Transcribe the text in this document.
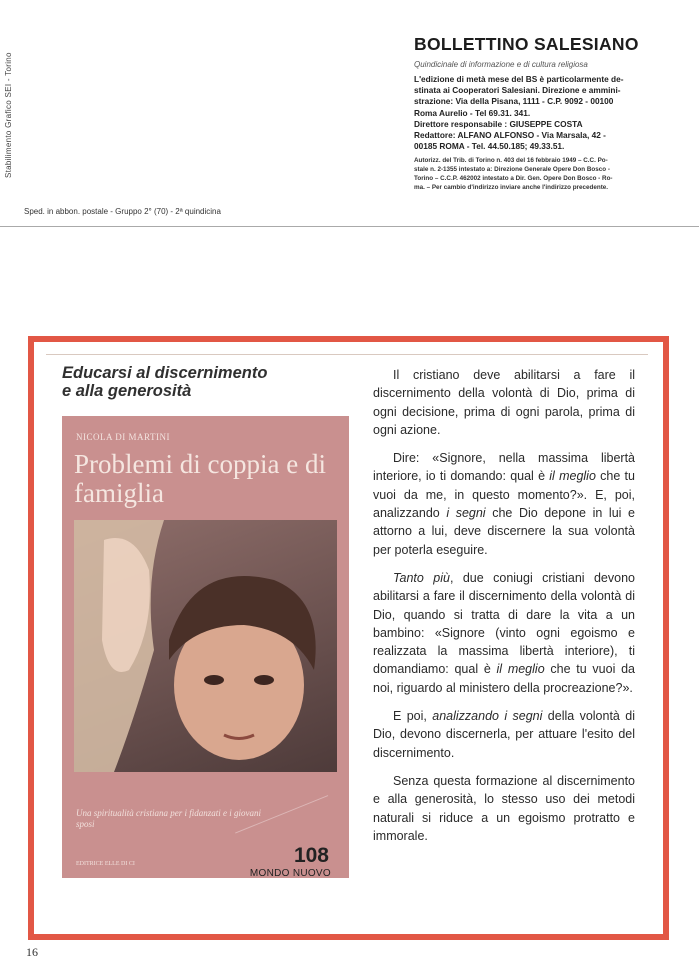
Stabilimento Grafico SEI - Torino
BOLLETTINO SALESIANO
Quindicinale di informazione e di cultura religiosa
L'edizione di metà mese del BS è particolarmente de-
stinata ai Cooperatori Salesiani. Direzione e ammini-
strazione: Via della Pisana, 1111 - C.P. 9092 - 00100
Roma Aurelio - Tel 69.31. 341.
Direttore responsabile : GIUSEPPE COSTA
Redattore: ALFANO ALFONSO - Via Marsala, 42 -
00185 ROMA - Tel. 44.50.185; 49.33.51.
Autorizz. del Trib. di Torino n. 403 del 16 febbraio 1949 – C.C. Po-
stale n. 2-1355 intestato a: Direzione Generale Opere Don Bosco -
Torino – C.C.P. 462002 intestato a Dir. Gen. Opere Don Bosco - Ro-
ma. – Per cambio d'indirizzo inviare anche l'indirizzo precedente.
Sped. in abbon. postale - Gruppo 2° (70) - 2ª quindicina
Educarsi al discernimento
e alla generosità
NICOLA DI MARTINI
Problemi di coppia e di famiglia
Una spiritualità cristiana per i fidanzati e i giovani sposi
EDITRICE ELLE DI CI	108
MONDO NUOVO

Il cristiano deve abilitarsi a fare il discernimento della volontà di Dio, prima di ogni decisione, prima di ogni parola, prima di ogni azione.

Dire: «Signore, nella massima libertà interiore, io ti domando: qual è il meglio che tu vuoi da me, in questo momento?». E, poi, analizzando i segni che Dio depone in lui e attorno a lui, deve discernere la sua volontà per poterla eseguire.

Tanto più, due coniugi cristiani devono abilitarsi a fare il discernimento della volontà di Dio, quando si tratta di dare la vita a un bambino: «Signore (vinto ogni egoismo e realizzata la massima libertà interiore), ti domandiamo: qual è il meglio che tu vuoi da noi, riguardo al ministero della procreazione?».

E poi, analizzando i segni della volontà di Dio, devono discernerla, per attuare l'esito del discernimento.

Senza questa formazione al discernimento e alla generosità, lo stesso uso dei metodi naturali si riduce a un egoismo protratto e immorale.

16
